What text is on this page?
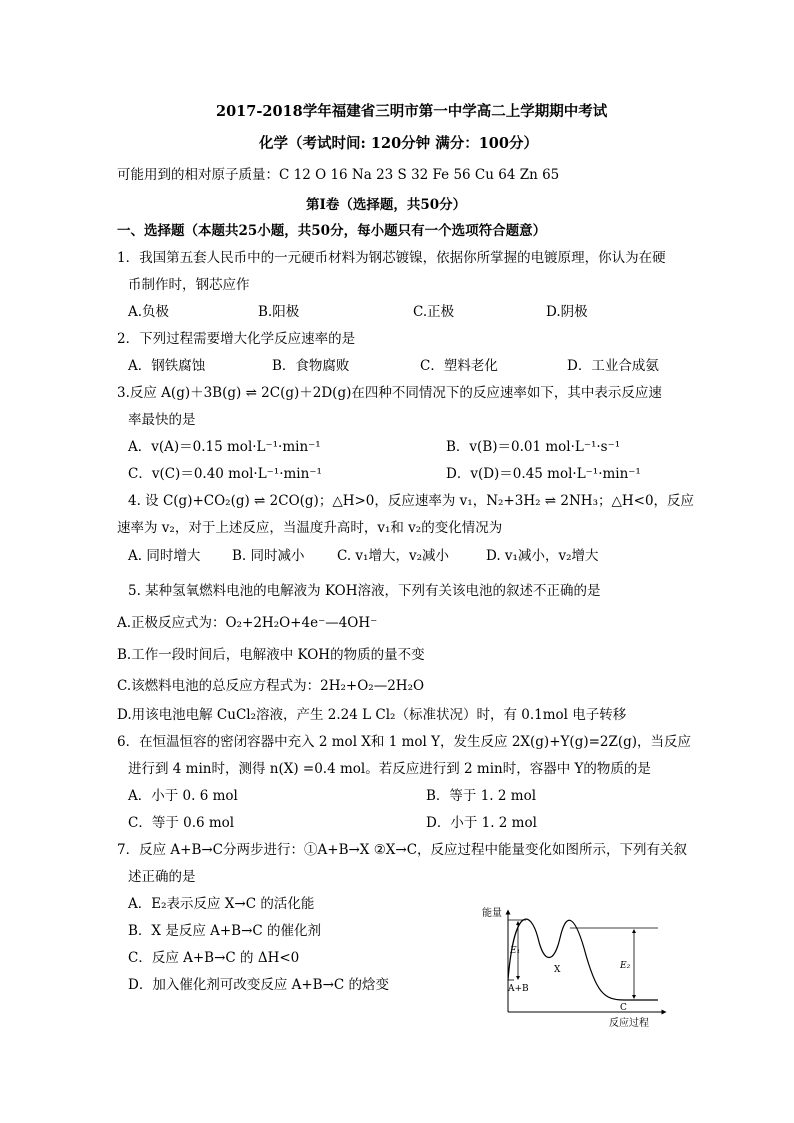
2017-2018学年福建省三明市第一中学高二上学期期中考试
化学（考试时间: 120分钟 满分：100分）
可能用到的相对原子质量：C 12 O 16 Na 23 S 32 Fe 56 Cu 64 Zn 65
第Ⅰ卷（选择题，共50分）
一、选择题（本题共25小题，共50分，每小题只有一个选项符合题意）
1．我国第五套人民币中的一元硬币材料为钢芯镀镍，依据你所掌握的电镀原理，你认为在硬
币制作时，钢芯应作
A.负极	B.阳极	C.正极	D.阴极
2．下列过程需要增大化学反应速率的是
A．钢铁腐蚀	B．食物腐败	C．塑料老化	D．工业合成氨
3.反应 A(g)＋3B(g) ⇌ 2C(g)＋2D(g)在四种不同情况下的反应速率如下，其中表示反应速
率最快的是
A．v(A)＝0.15 mol·L⁻¹·min⁻¹	B．v(B)＝0.01 mol·L⁻¹·s⁻¹
C．v(C)＝0.40 mol·L⁻¹·min⁻¹	D．v(D)＝0.45 mol·L⁻¹·min⁻¹
4. 设 C(g)+CO₂(g) ⇌ 2CO(g)；△H>0，反应速率为 v₁，N₂+3H₂ ⇌ 2NH₃；△H<0，反应
速率为 v₂，对于上述反应，当温度升高时，v₁和 v₂的变化情况为
A. 同时增大 B. 同时减小 C. v₁增大，v₂减小	D. v₁减小，v₂增大
5. 某种氢氧燃料电池的电解液为 KOH溶液，下列有关该电池的叙述不正确的是
A.正极反应式为：O₂+2H₂O+4e⁻—4OH⁻
B.工作一段时间后，电解液中 KOH的物质的量不变
C.该燃料电池的总反应方程式为：2H₂+O₂—2H₂O
D.用该电池电解 CuCl₂溶液，产生 2.24 L Cl₂（标准状况）时，有 0.1mol 电子转移
6．在恒温恒容的密闭容器中充入 2 mol X和 1 mol Y，发生反应 2X(g)+Y(g)=2Z(g)，当反应
进行到 4 min时，测得 n(X) =0.4 mol。若反应进行到 2 min时，容器中 Y的物质的是
A．小于 0. 6 mol	B．等于 1. 2 mol
C．等于 0.6 mol	D．小于 1. 2 mol
7．反应 A+B→C分两步进行：①A+B→X ②X→C，反应过程中能量变化如图所示，下列有关叙
述正确的是
A．E₂表示反应 X→C 的活化能
B．X 是反应 A+B→C 的催化剂
C．反应 A+B→C 的 ΔH<0
D．加入催化剂可改变反应 A+B→C 的焓变
能量
反应过程
E₁
E₂
X
A+B
C
